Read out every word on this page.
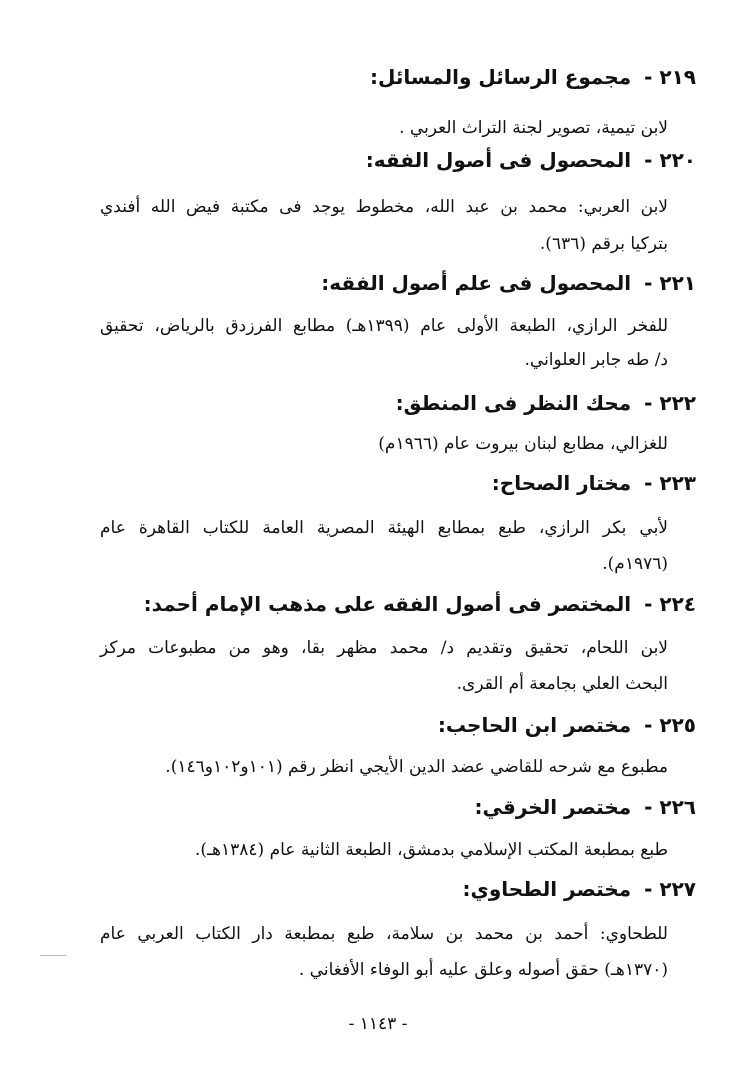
٢١٩ - مجموع الرسائل والمسائل:
لابن تيمية، تصوير لجنة التراث العربي .
٢٢٠ - المحصول فى أصول الفقه:
لابن العربي: محمد بن عبد الله، مخطوط يوجد فى مكتبة فيض الله أفندي
بتركيا برقم (٦٣٦).
٢٢١ - المحصول فى علم أصول الفقه:
للفخر الرازي، الطبعة الأولى عام (١٣٩٩هـ) مطابع الفرزدق بالرياض، تحقيق
د/ طه جابر العلواني.
٢٢٢ - محك النظر فى المنطق:
للغزالي، مطابع لبنان بيروت عام (١٩٦٦م)
٢٢٣ - مختار الصحاح:
لأبي بكر الرازي، طبع بمطابع الهيئة المصرية العامة للكتاب القاهرة عام
(١٩٧٦م).
٢٢٤ - المختصر فى أصول الفقه على مذهب الإمام أحمد:
لابن اللحام، تحقيق وتقديم د/ محمد مظهر بقا، وهو من مطبوعات مركز
البحث العلي بجامعة أم القرى.
٢٢٥ - مختصر ابن الحاجب:
مطبوع مع شرحه للقاضي عضد الدين الأيجي انظر رقم (١٠١و١٠٢و١٤٦).
٢٢٦ - مختصر الخرقي:
طبع بمطبعة المكتب الإسلامي بدمشق، الطبعة الثانية عام (١٣٨٤هـ).
٢٢٧ - مختصر الطحاوي:
للطحاوي: أحمد بن محمد بن سلامة، طبع بمطبعة دار الكتاب العربي عام
(١٣٧٠هـ) حقق أصوله وعلق عليه أبو الوفاء الأفغاني .
- ١١٤٣ -
